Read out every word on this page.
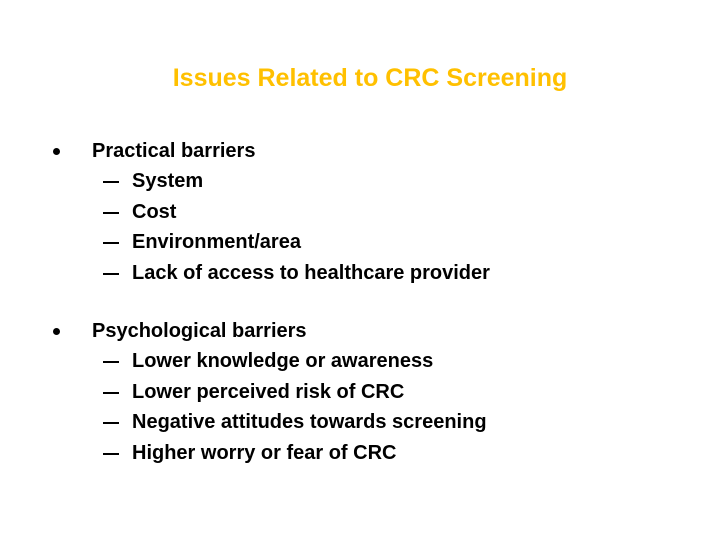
Issues Related to CRC Screening
Practical barriers
System
Cost
Environment/area
Lack of access to healthcare provider
Psychological barriers
Lower knowledge or awareness
Lower perceived risk of CRC
Negative attitudes towards screening
Higher worry or fear of CRC
